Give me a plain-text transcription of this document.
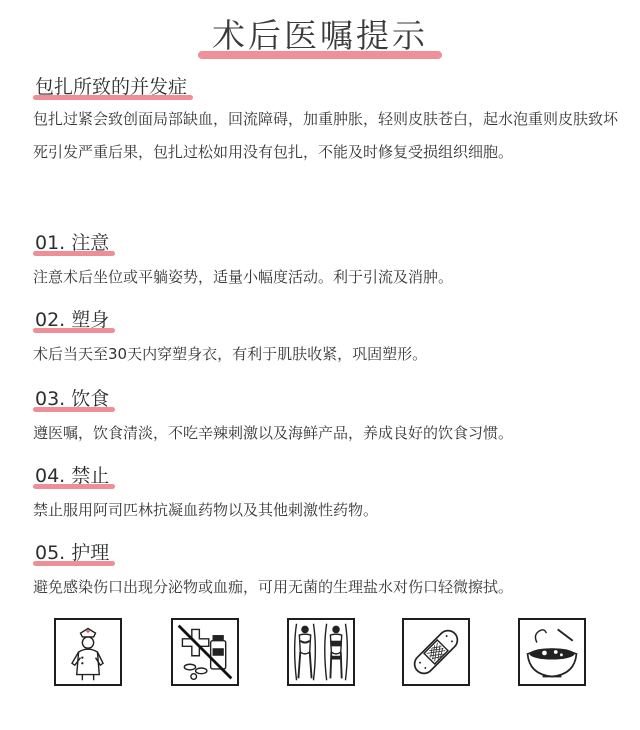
术后医嘱提示
包扎所致的并发症
包扎过紧会致创面局部缺血，回流障碍，加重肿胀，轻则皮肤苍白，起水泡重则皮肤致坏死引发严重后果，包扎过松如用没有包扎，不能及时修复受损组织细胞。
01. 注意
注意术后坐位或平躺姿势，适量小幅度活动。利于引流及消肿。
02. 塑身
术后当天至30天内穿塑身衣，有利于肌肤收紧，巩固塑形。
03. 饮食
遵医嘱，饮食清淡，不吃辛辣刺激以及海鲜产品，养成良好的饮食习惯。
04. 禁止
禁止服用阿司匹林抗凝血药物以及其他刺激性药物。
05. 护理
避免感染伤口出现分泌物或血痂，可用无菌的生理盐水对伤口轻微擦拭。
